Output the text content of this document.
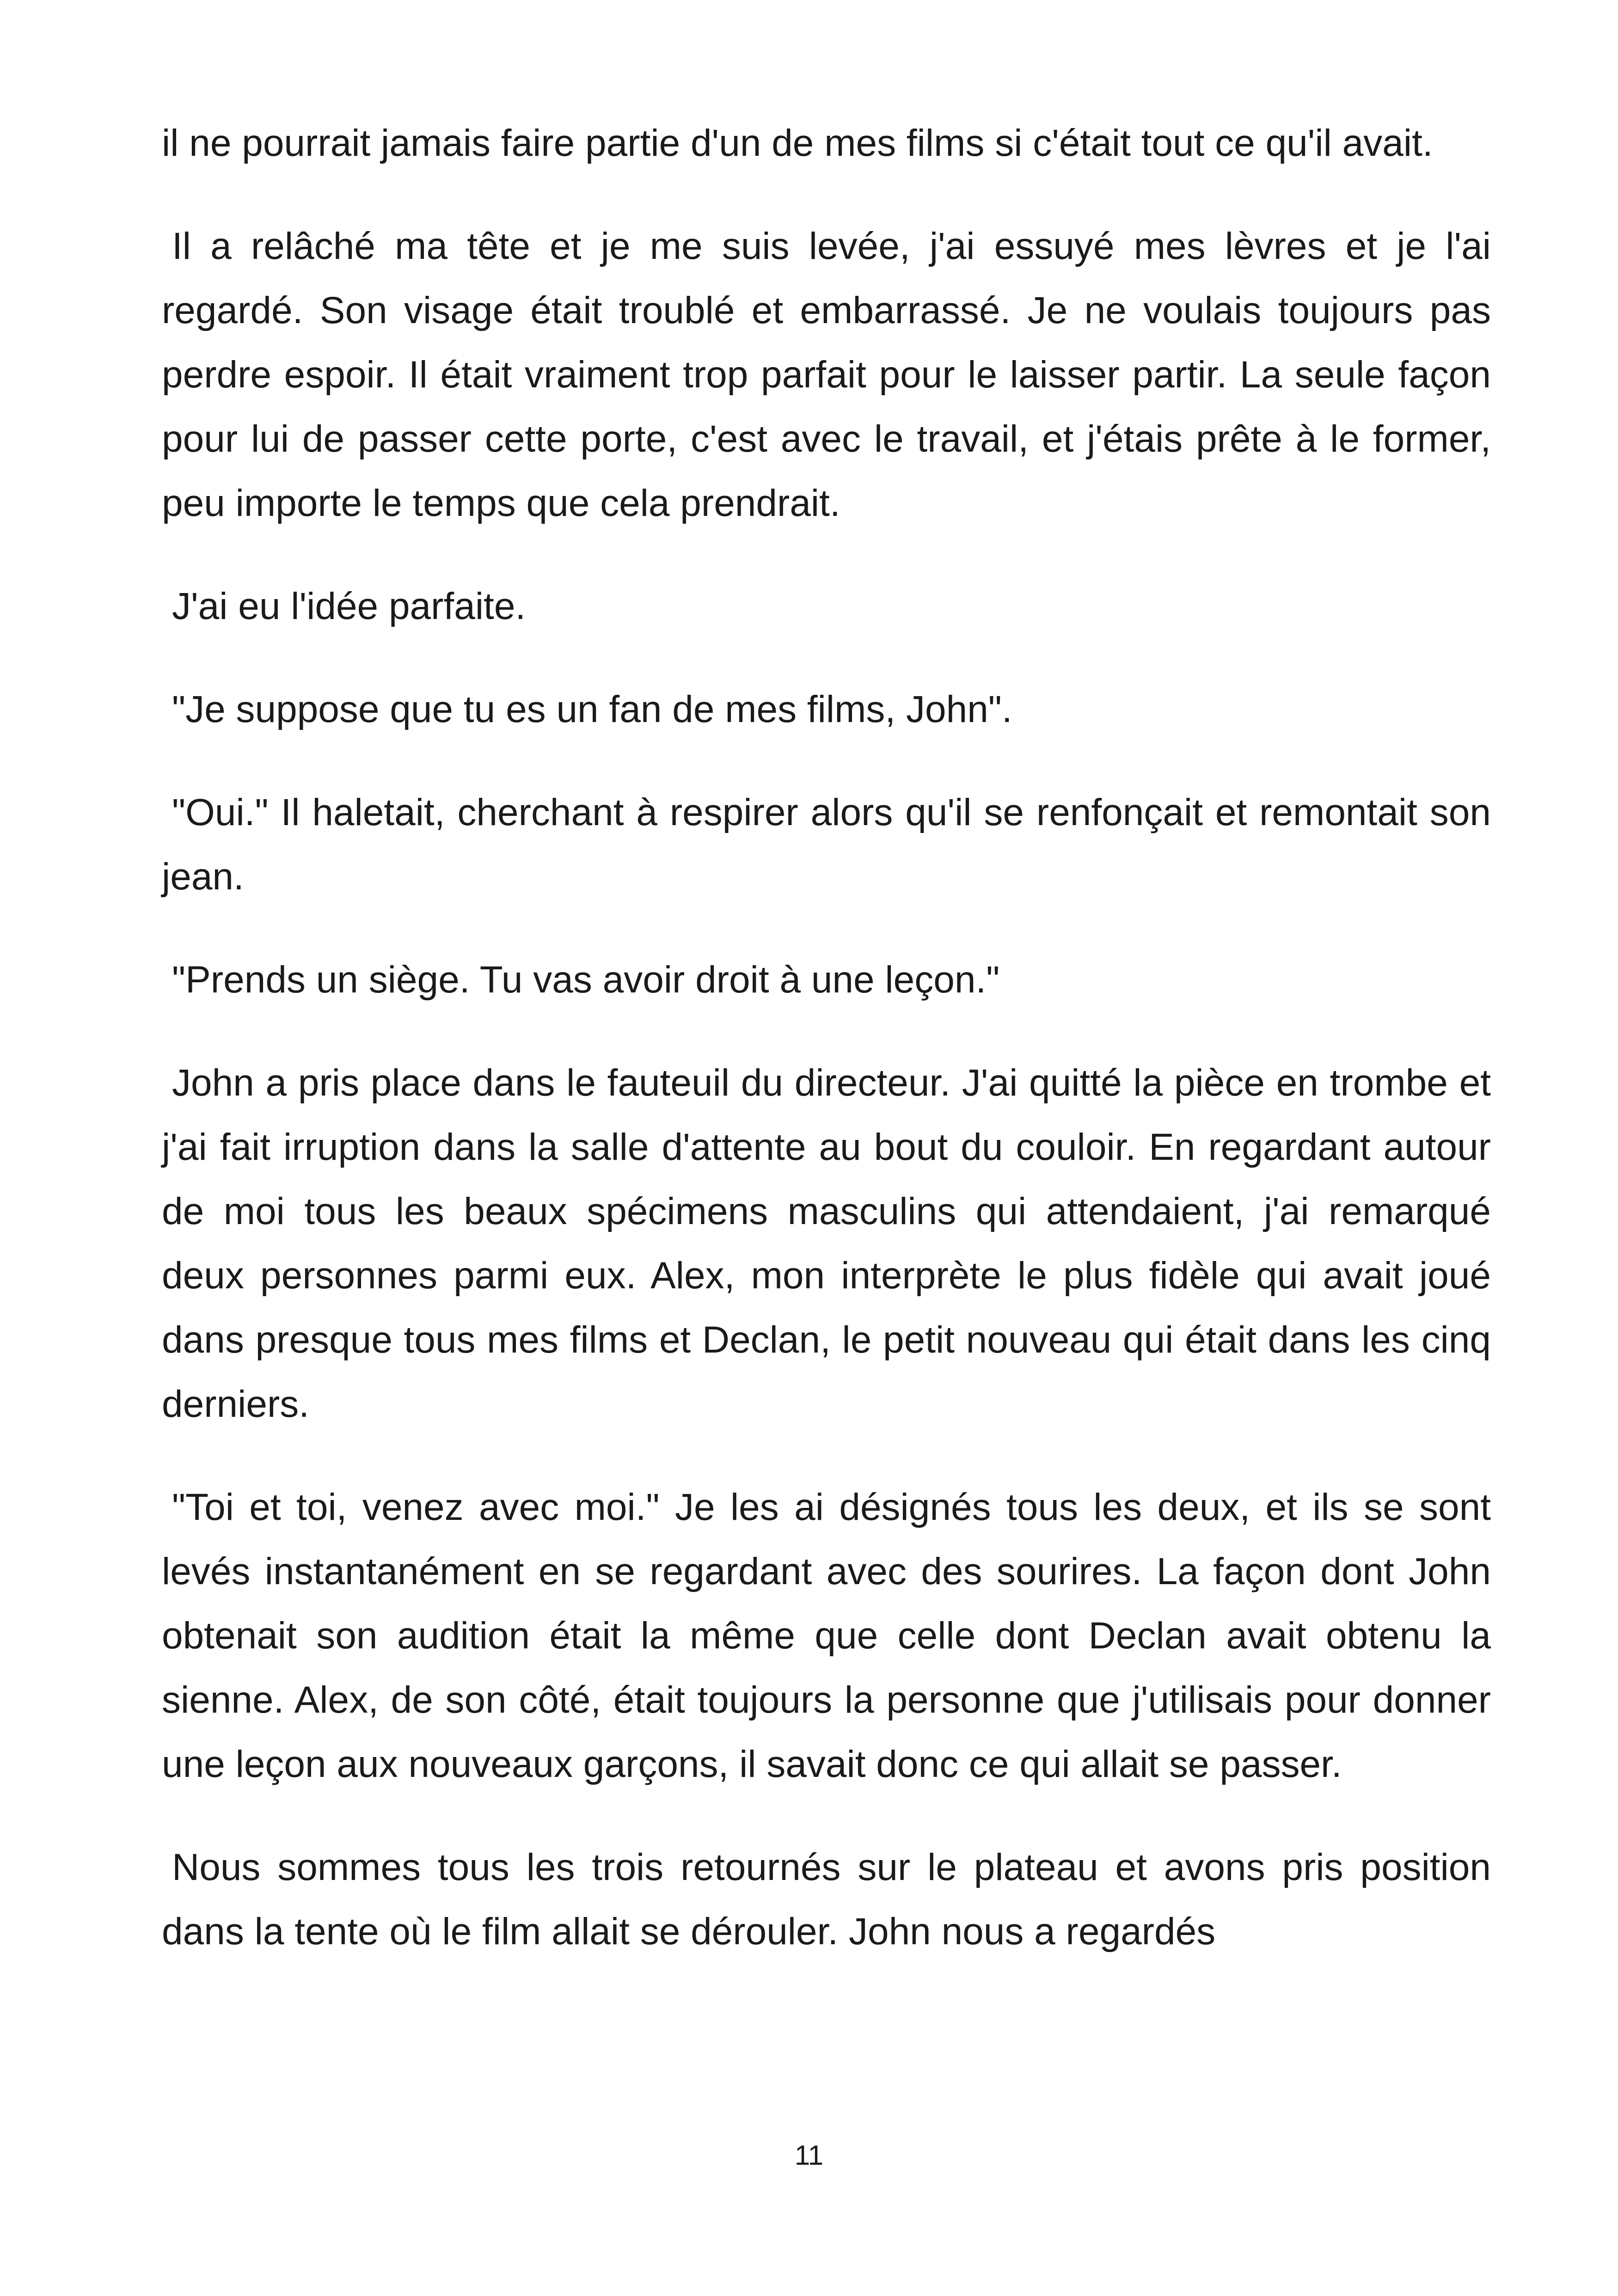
il ne pourrait jamais faire partie d'un de mes films si c'était tout ce qu'il avait.

Il a relâché ma tête et je me suis levée, j'ai essuyé mes lèvres et je l'ai regardé. Son visage était troublé et embarrassé. Je ne voulais toujours pas perdre espoir. Il était vraiment trop parfait pour le laisser partir. La seule façon pour lui de passer cette porte, c'est avec le travail, et j'étais prête à le former, peu importe le temps que cela prendrait.

J'ai eu l'idée parfaite.

"Je suppose que tu es un fan de mes films, John".

"Oui." Il haletait, cherchant à respirer alors qu'il se renfonçait et remontait son jean.

"Prends un siège. Tu vas avoir droit à une leçon."

John a pris place dans le fauteuil du directeur. J'ai quitté la pièce en trombe et j'ai fait irruption dans la salle d'attente au bout du couloir. En regardant autour de moi tous les beaux spécimens masculins qui attendaient, j'ai remarqué deux personnes parmi eux. Alex, mon interprète le plus fidèle qui avait joué dans presque tous mes films et Declan, le petit nouveau qui était dans les cinq derniers.

"Toi et toi, venez avec moi." Je les ai désignés tous les deux, et ils se sont levés instantanément en se regardant avec des sourires. La façon dont John obtenait son audition était la même que celle dont Declan avait obtenu la sienne. Alex, de son côté, était toujours la personne que j'utilisais pour donner une leçon aux nouveaux garçons, il savait donc ce qui allait se passer.

Nous sommes tous les trois retournés sur le plateau et avons pris position dans la tente où le film allait se dérouler. John nous a regardés

11
